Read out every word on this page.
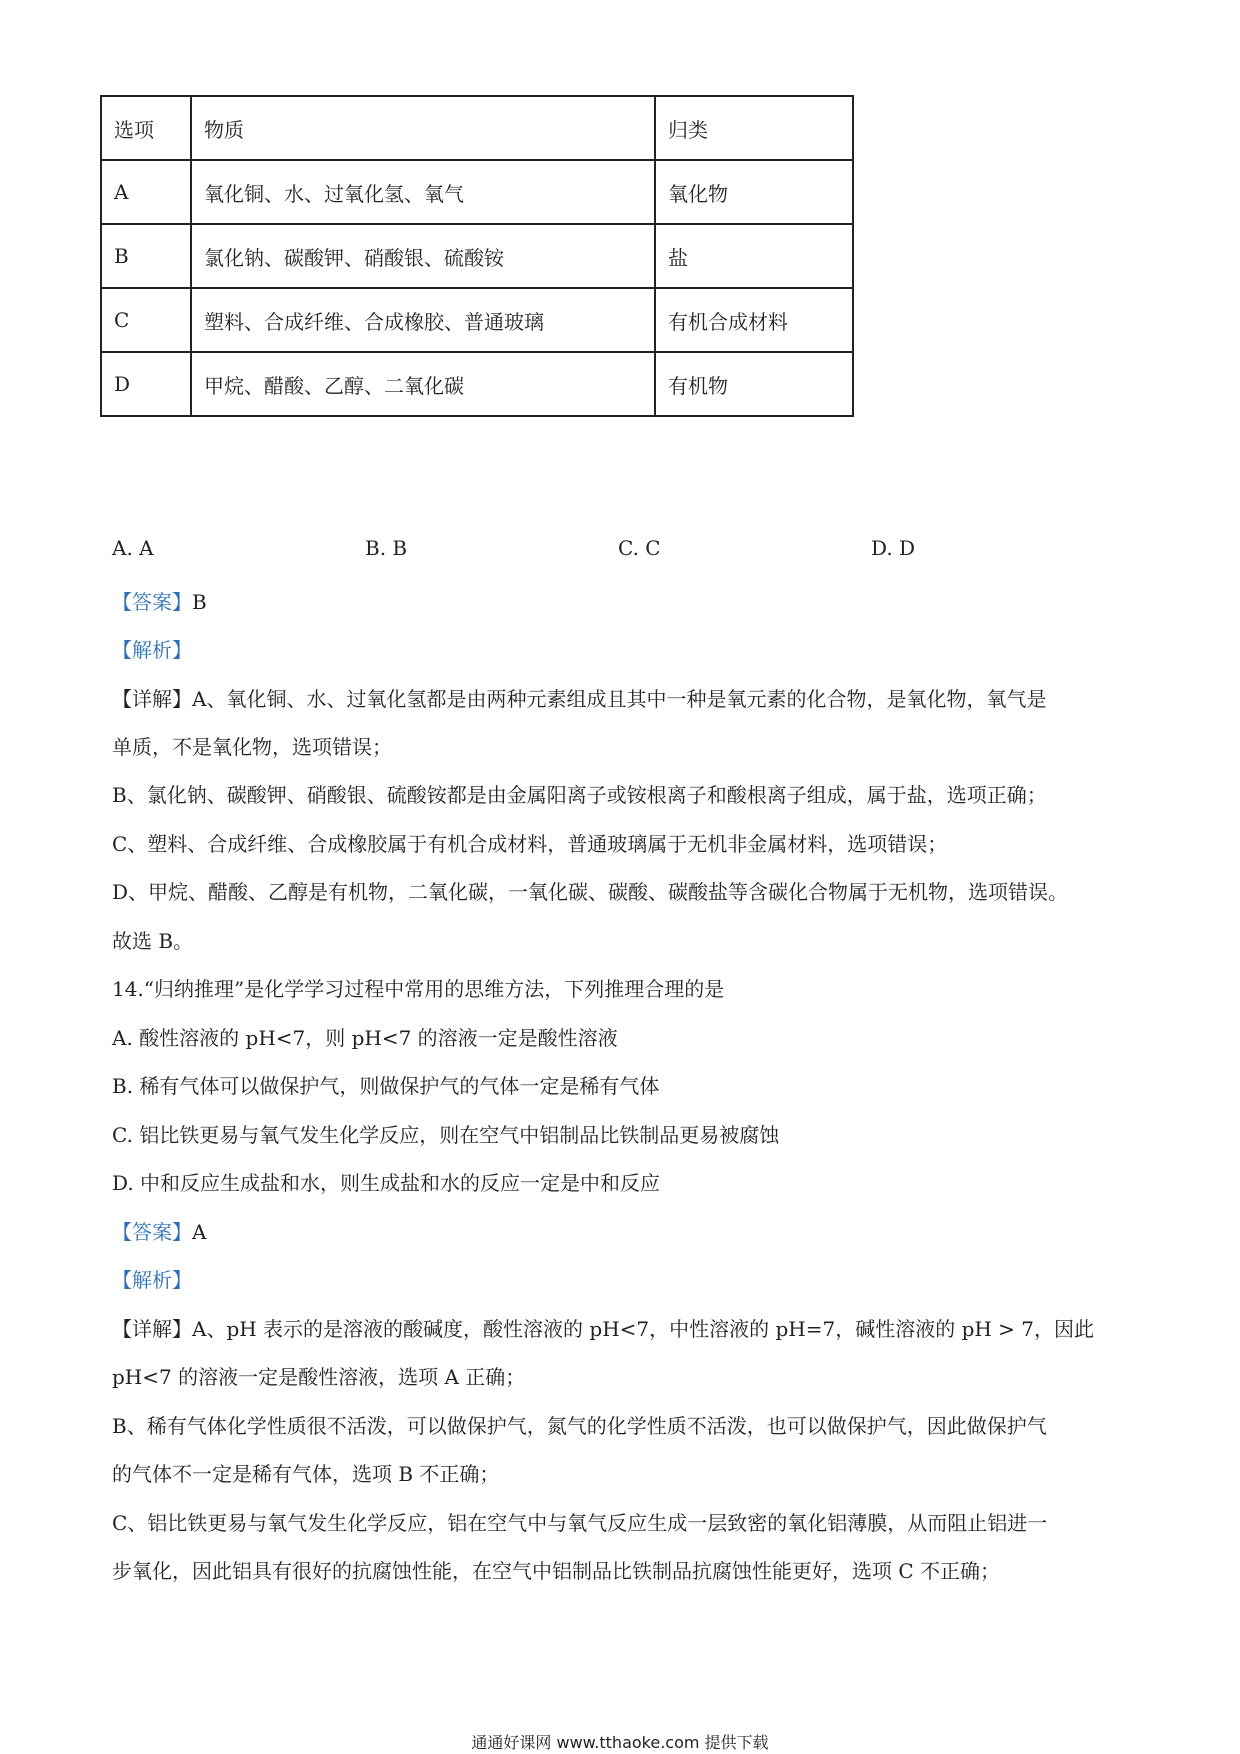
选项	物质	归类
A	氧化铜、水、过氧化氢、氧气	氧化物
B	氯化钠、碳酸钾、硝酸银、硫酸铵	盐
C	塑料、合成纤维、合成橡胶、普通玻璃	有机合成材料
D	甲烷、醋酸、乙醇、二氧化碳	有机物
A. A	B. B	C. C	D. D
【答案】B
【解析】
【详解】A、氧化铜、水、过氧化氢都是由两种元素组成且其中一种是氧元素的化合物，是氧化物，氧气是
单质，不是氧化物，选项错误；
B、氯化钠、碳酸钾、硝酸银、硫酸铵都是由金属阳离子或铵根离子和酸根离子组成，属于盐，选项正确；
C、塑料、合成纤维、合成橡胶属于有机合成材料，普通玻璃属于无机非金属材料，选项错误；
D、甲烷、醋酸、乙醇是有机物，二氧化碳，一氧化碳、碳酸、碳酸盐等含碳化合物属于无机物，选项错误。
故选 B。
14.“归纳推理”是化学学习过程中常用的思维方法，下列推理合理的是
A. 酸性溶液的 pH<7，则 pH<7 的溶液一定是酸性溶液
B. 稀有气体可以做保护气，则做保护气的气体一定是稀有气体
C. 铝比铁更易与氧气发生化学反应，则在空气中铝制品比铁制品更易被腐蚀
D. 中和反应生成盐和水，则生成盐和水的反应一定是中和反应
【答案】A
【解析】
【详解】A、pH 表示的是溶液的酸碱度，酸性溶液的 pH<7，中性溶液的 pH=7，碱性溶液的 pH > 7，因此
pH<7 的溶液一定是酸性溶液，选项 A 正确；
B、稀有气体化学性质很不活泼，可以做保护气，氮气的化学性质不活泼，也可以做保护气，因此做保护气
的气体不一定是稀有气体，选项 B 不正确；
C、铝比铁更易与氧气发生化学反应，铝在空气中与氧气反应生成一层致密的氧化铝薄膜，从而阻止铝进一
步氧化，因此铝具有很好的抗腐蚀性能，在空气中铝制品比铁制品抗腐蚀性能更好，选项 C 不正确；
通通好课网 www.tthaoke.com 提供下载
